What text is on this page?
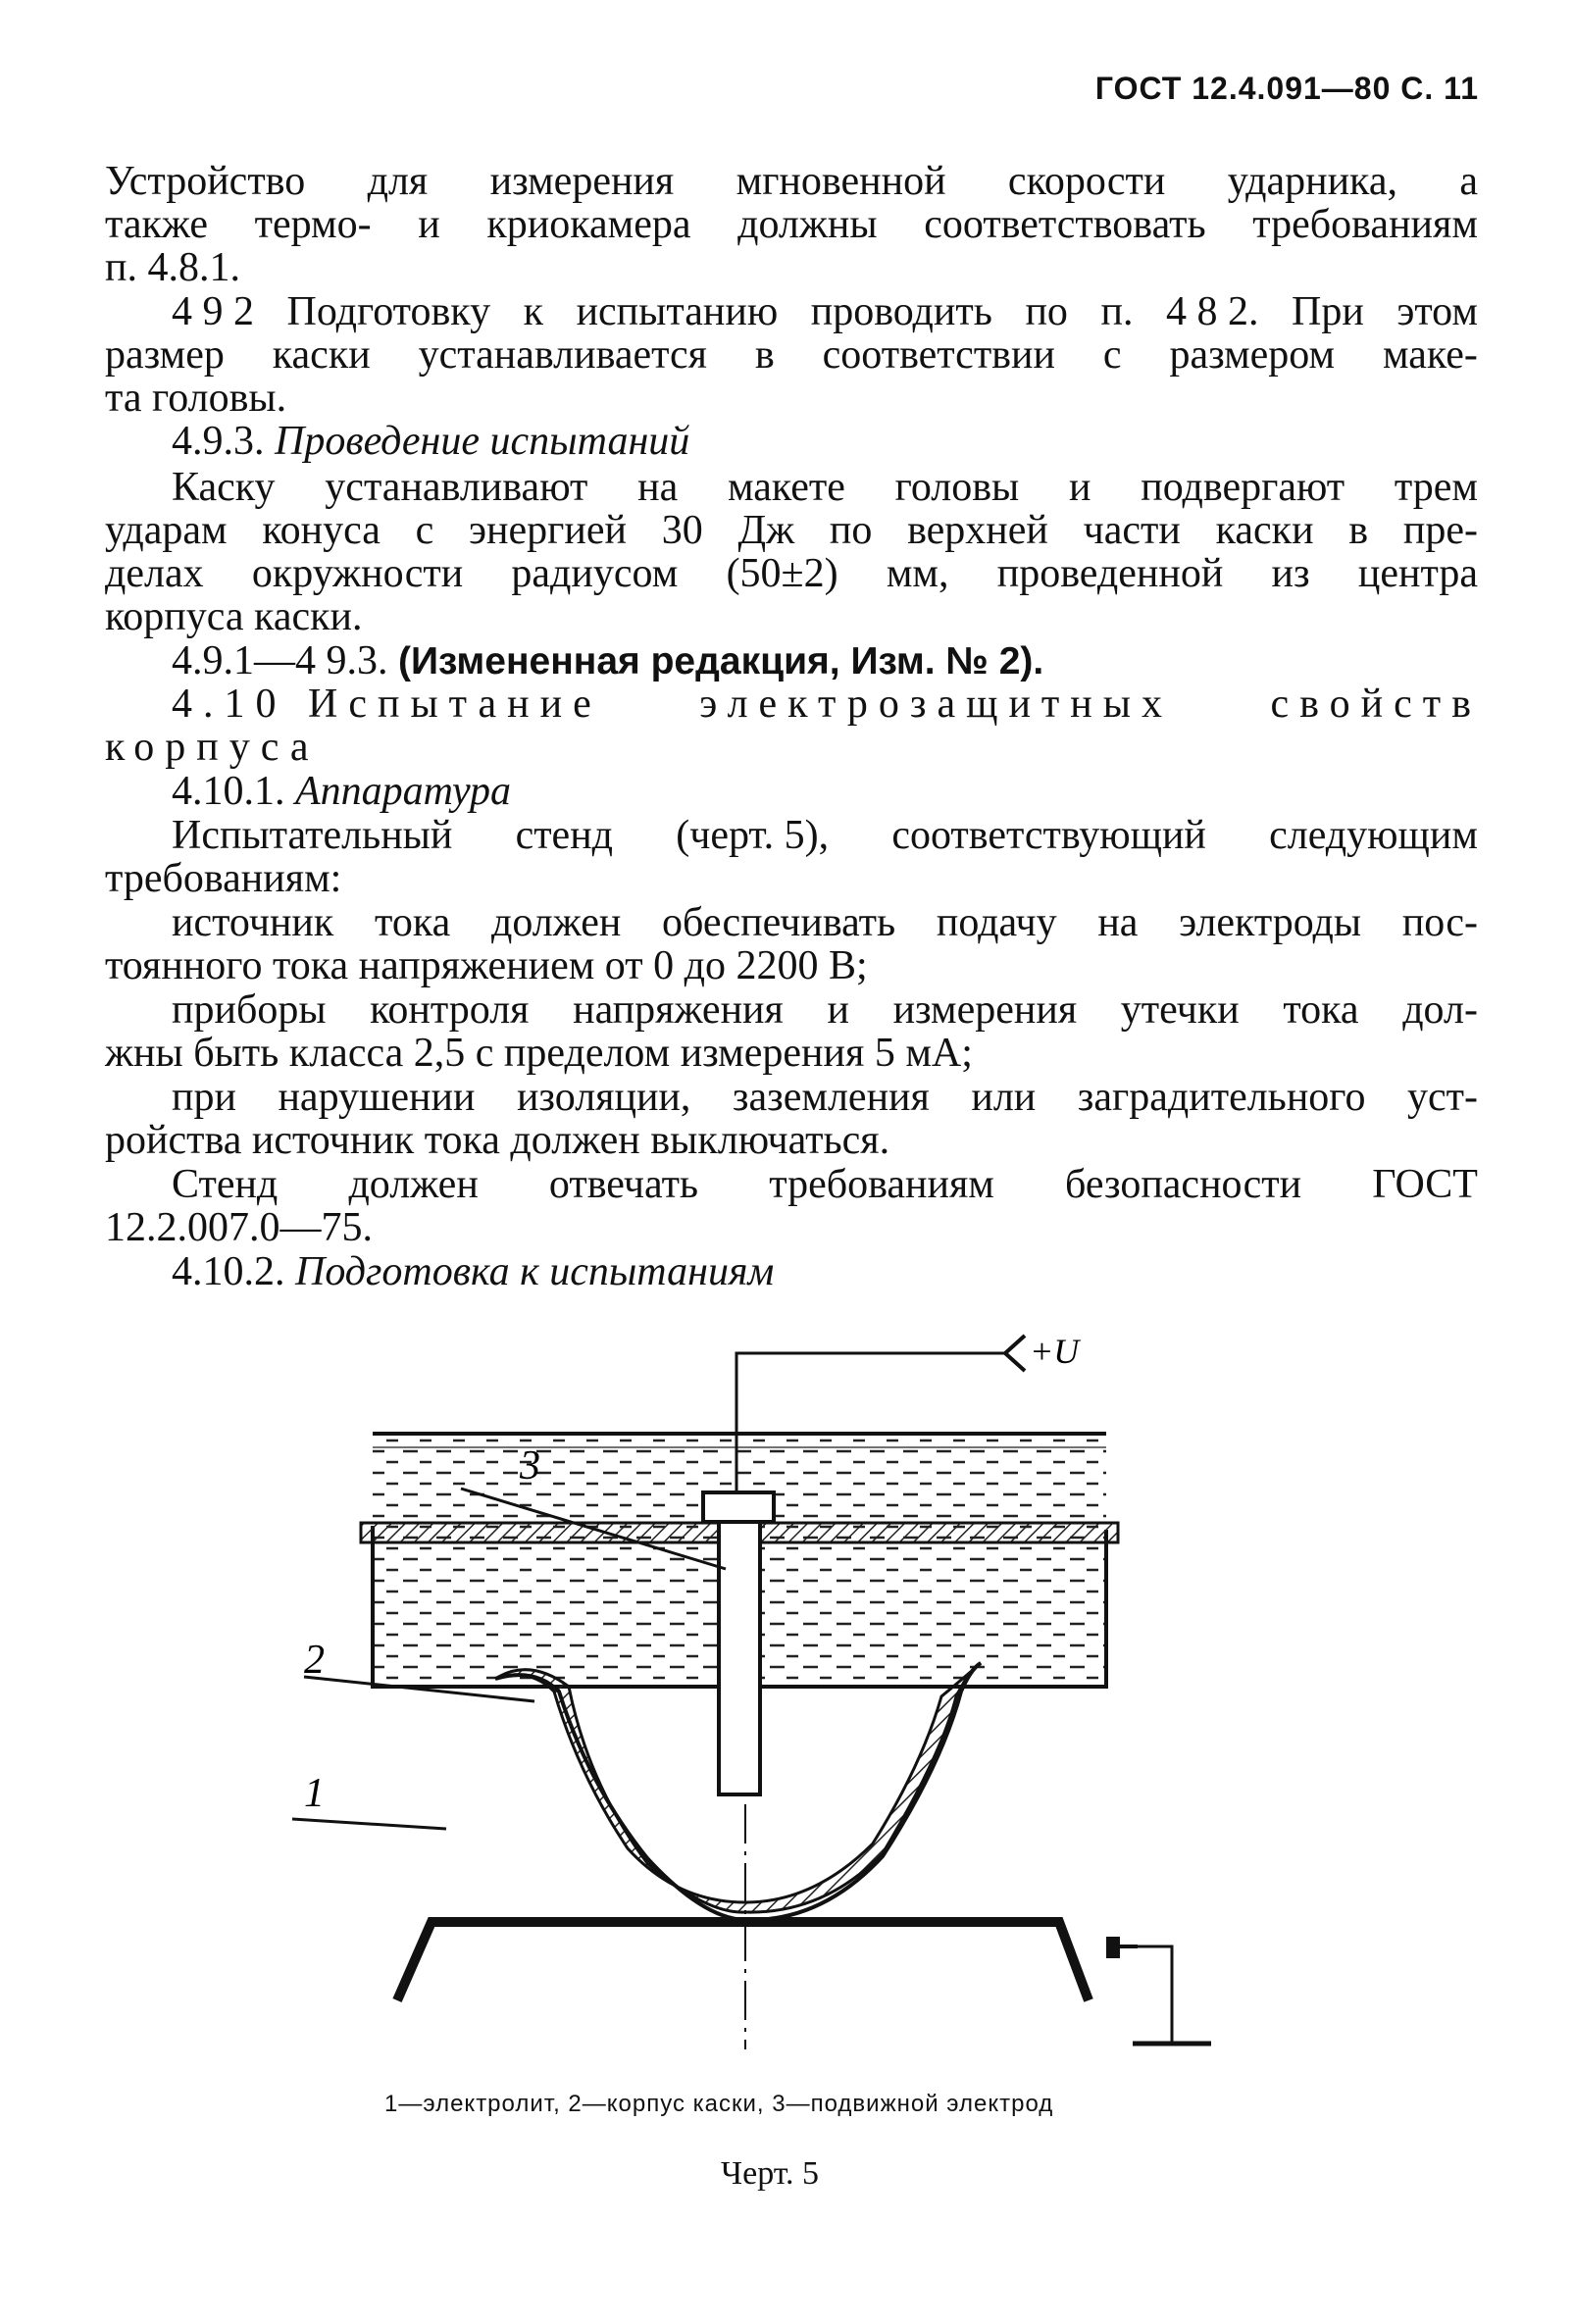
ГОСТ 12.4.091—80 С. 11
Устройство для измерения мгновенной скорости ударника, а
также термо- и криокамера должны соответствовать требованиям
п. 4.8.1.
4 9 2 Подготовку к испытанию проводить по п. 4 8 2. При этом
размер каски устанавливается в соответствии с размером маке-
та головы.
4.9.3. Проведение испытаний
Каску устанавливают на макете головы и подвергают трем
ударам конуса с энергией 30 Дж по верхней части каски в пре-
делах окружности радиусом (50±2) мм, проведенной из центра
корпуса каски.
4.9.1—4 9.3. (Измененная редакция, Изм. № 2).
4.10 Испытание электрозащитных свойств
корпуса
4.10.1. Аппаратура
Испытательный стенд (черт. 5), соответствующий следующим
требованиям:
источник тока должен обеспечивать подачу на электроды пос-
тоянного тока напряжением от 0 до 2200 В;
приборы контроля напряжения и измерения утечки тока дол-
жны быть класса 2,5 с пределом измерения 5 мА;
при нарушении изоляции, заземления или заградительного уст-
ройства источник тока должен выключаться.
Стенд должен отвечать требованиям безопасности ГОСТ
12.2.007.0—75.
4.10.2. Подготовка к испытаниям
+U
3
2
1
1—электролит, 2—корпус каски, 3—подвижной электрод
Черт. 5
